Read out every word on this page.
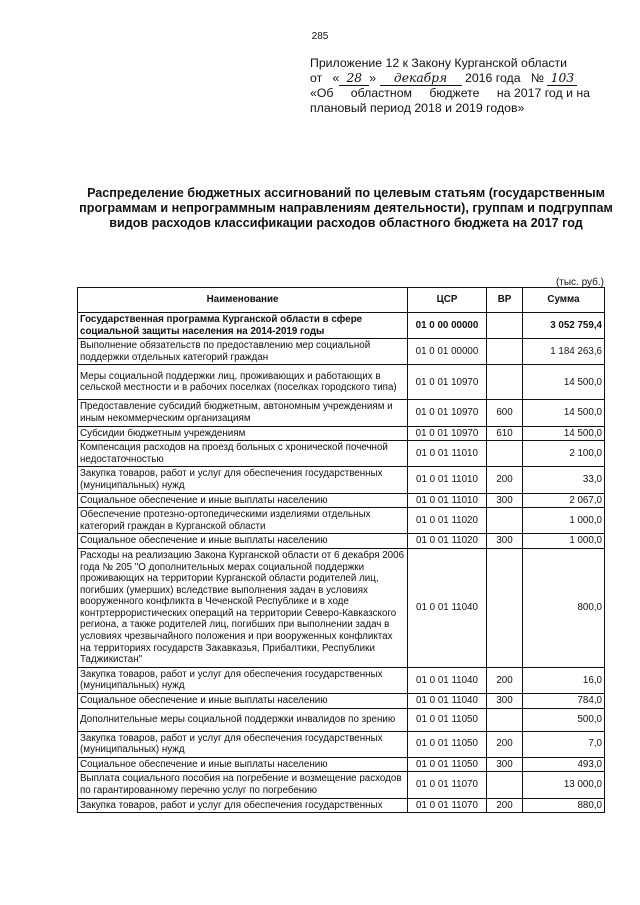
285
Приложение 12 к Закону Курганской области
от « 28 » декабря 2016 года № 103
«Об областном бюджете на 2017 год и на
плановый период 2018 и 2019 годов»
Распределение бюджетных ассигнований по целевым статьям (государственным программам и непрограммным направлениям деятельности), группам и подгруппам видов расходов классификации расходов областного бюджета на 2017 год
(тыс. руб.)
Наименование	ЦСР	ВР	Сумма
Государственная программа Курганской области в сфере социальной защиты населения на 2014-2019 годы	01 0 00 00000		3 052 759,4
Выполнение обязательств по предоставлению мер социальной поддержки отдельных категорий граждан	01 0 01 00000		1 184 263,6
Меры социальной поддержки лиц, проживающих и работающих в сельской местности и в рабочих поселках (поселках городского типа)	01 0 01 10970		14 500,0
Предоставление субсидий бюджетным, автономным учреждениям и иным некоммерческим организациям	01 0 01 10970	600	14 500,0
Субсидии бюджетным учреждениям	01 0 01 10970	610	14 500,0
Компенсация расходов на проезд больных с хронической почечной недостаточностью	01 0 01 11010		2 100,0
Закупка товаров, работ и услуг для обеспечения государственных (муниципальных) нужд	01 0 01 11010	200	33,0
Социальное обеспечение и иные выплаты населению	01 0 01 11010	300	2 067,0
Обеспечение протезно-ортопедическими изделиями отдельных категорий граждан в Курганской области	01 0 01 11020		1 000,0
Социальное обеспечение и иные выплаты населению	01 0 01 11020	300	1 000,0
Расходы на реализацию Закона Курганской области от 6 декабря 2006 года № 205 "О дополнительных мерах социальной поддержки проживающих на территории Курганской области родителей лиц, погибших (умерших) вследствие выполнения задач в условиях вооруженного конфликта в Чеченской Республике и в ходе контртеррористических операций на территории Северо-Кавказского региона, а также родителей лиц, погибших при выполнении задач в условиях чрезвычайного положения и при вооруженных конфликтах на территориях государств Закавказья, Прибалтики, Республики Таджикистан"	01 0 01 11040		800,0
Закупка товаров, работ и услуг для обеспечения государственных (муниципальных) нужд	01 0 01 11040	200	16,0
Социальное обеспечение и иные выплаты населению	01 0 01 11040	300	784,0
Дополнительные меры социальной поддержки инвалидов по зрению	01 0 01 11050		500,0
Закупка товаров, работ и услуг для обеспечения государственных (муниципальных) нужд	01 0 01 11050	200	7,0
Социальное обеспечение и иные выплаты населению	01 0 01 11050	300	493,0
Выплата социального пособия на погребение и возмещение расходов по гарантированному перечню услуг по погребению	01 0 01 11070		13 000,0
Закупка товаров, работ и услуг для обеспечения государственных	01 0 01 11070	200	880,0
